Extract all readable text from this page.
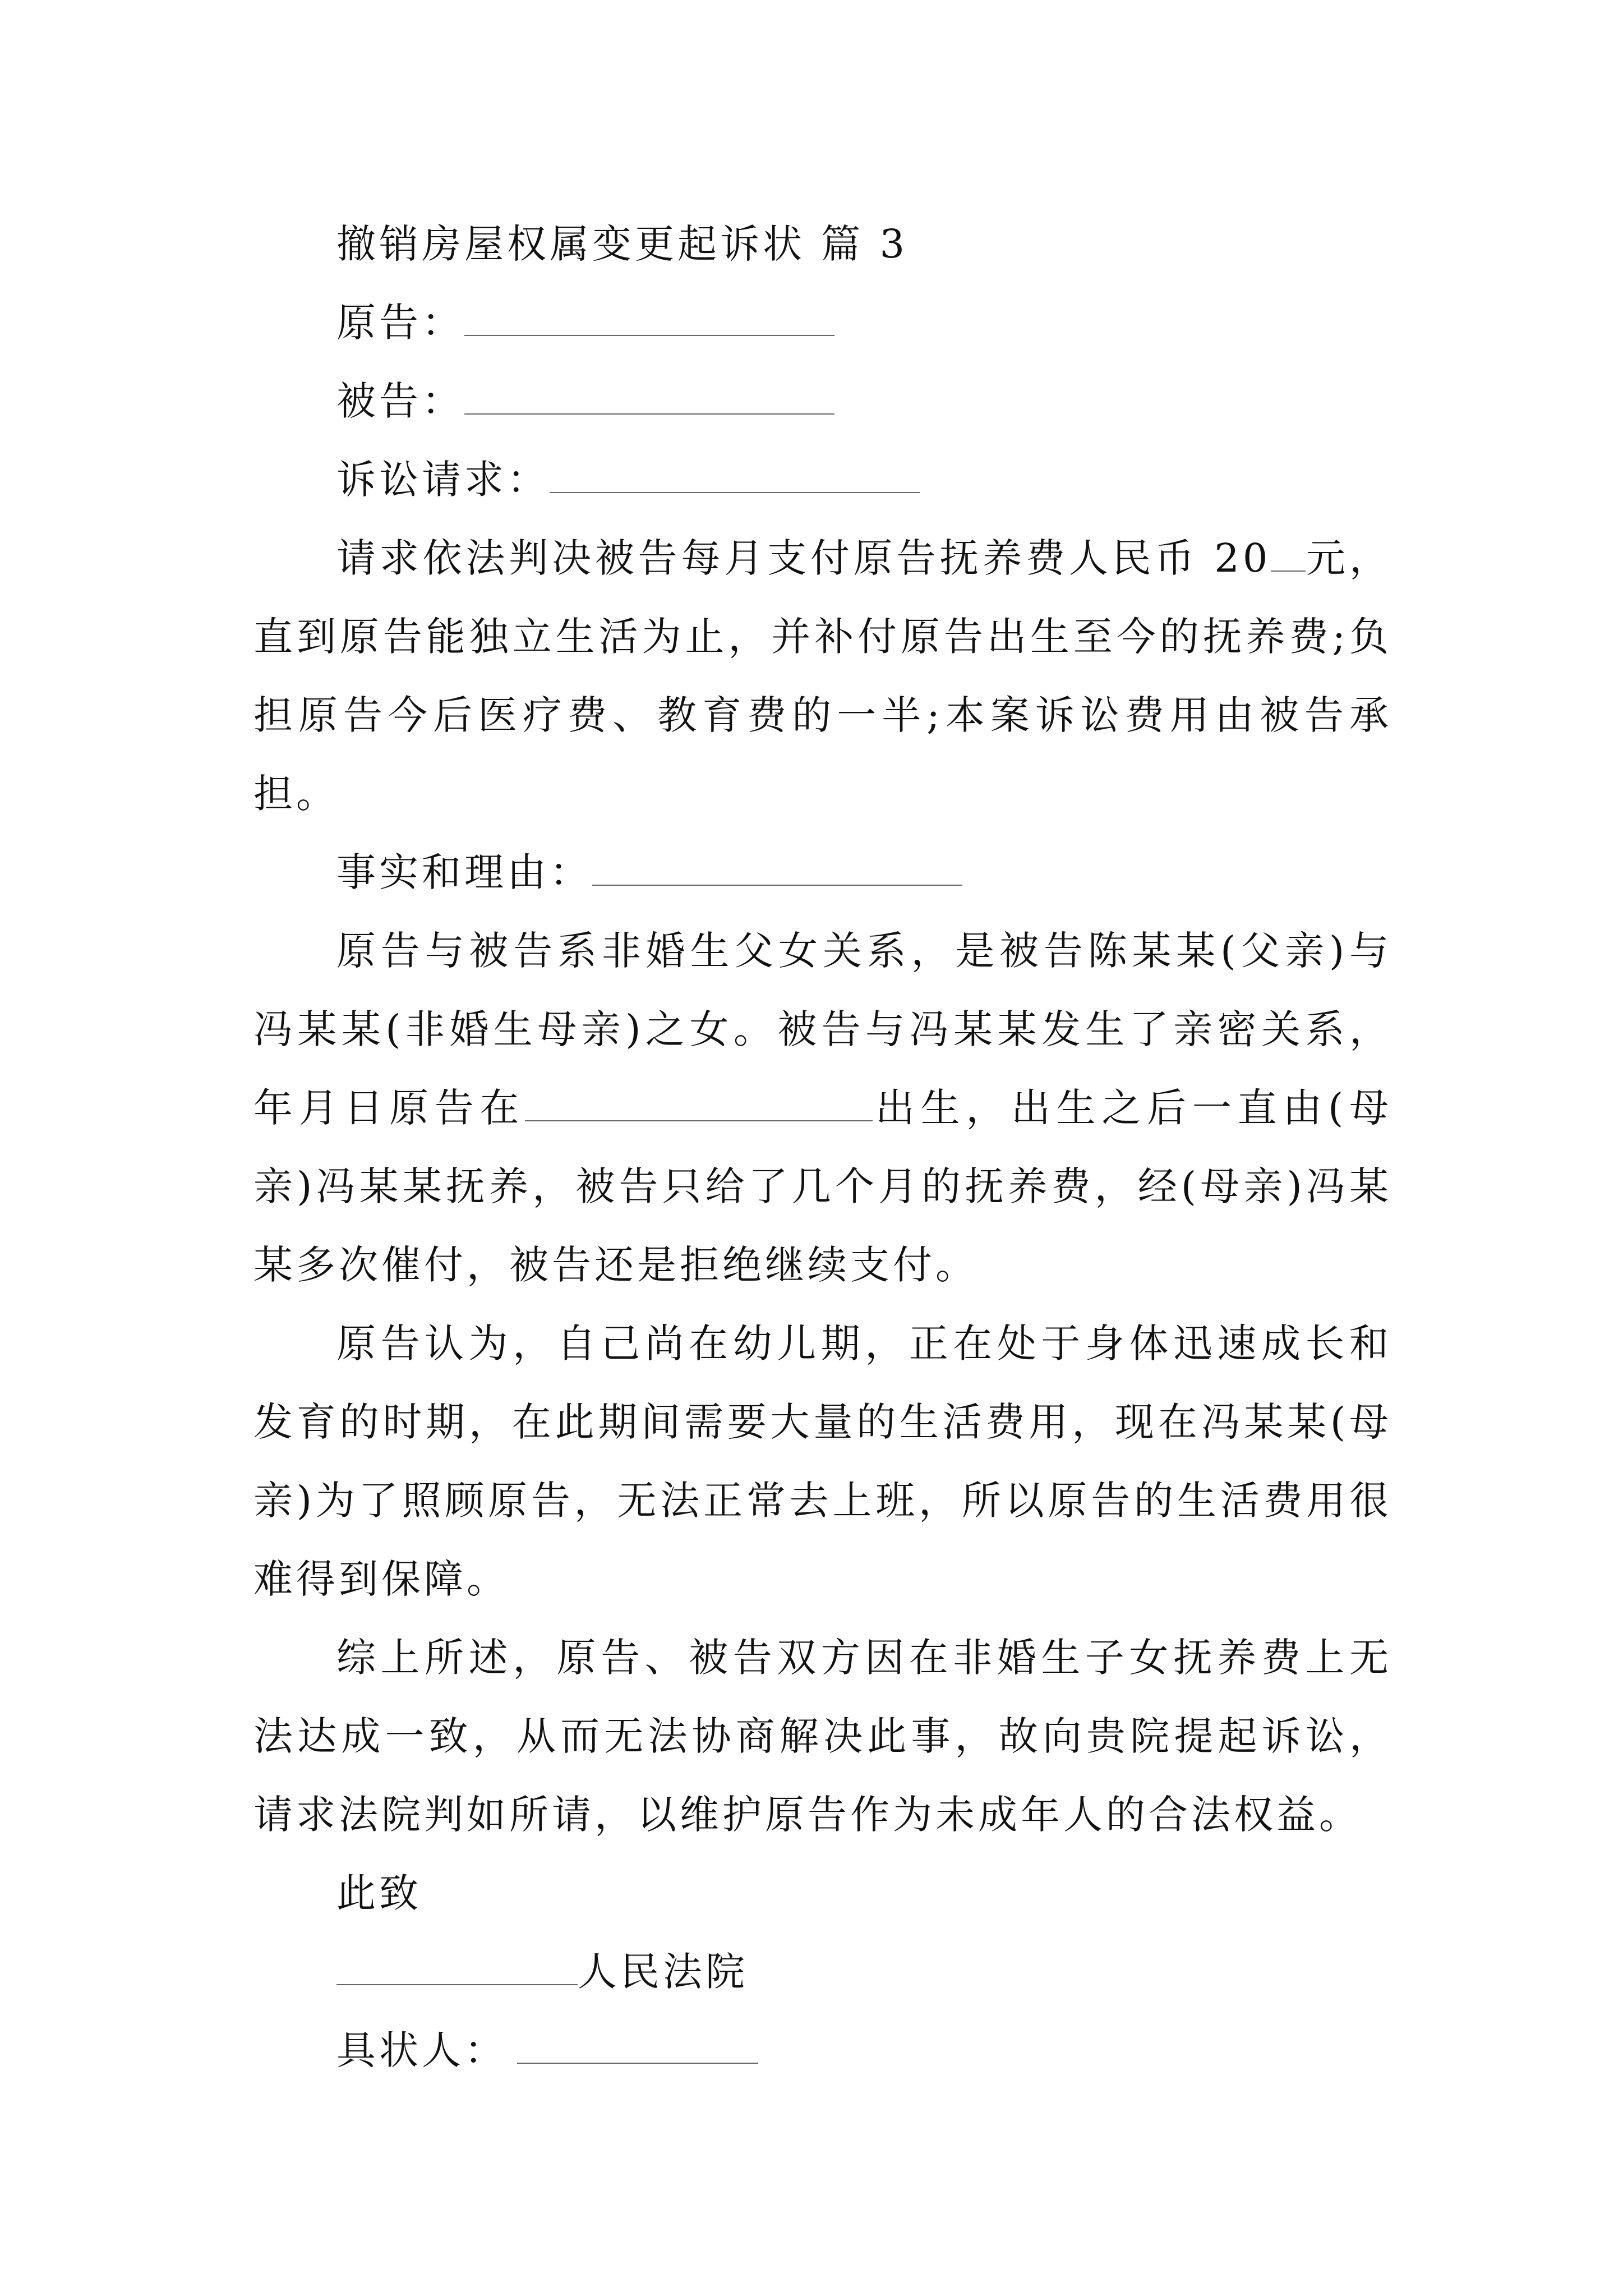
撤销房屋权属变更起诉状 篇 3
原告：
被告：
诉讼请求：

请求依法判决被告每月支付原告抚养费人民币 20 元，直到原告能独立生活为止，并补付原告出生至今的抚养费;负担原告今后医疗费、教育费的一半;本案诉讼费用由被告承担。

事实和理由：

原告与被告系非婚生父女关系，是被告陈某某(父亲)与冯某某(非婚生母亲)之女。被告与冯某某发生了亲密关系，年月日原告在	出生，出生之后一直由(母亲)冯某某抚养，被告只给了几个月的抚养费，经(母亲)冯某某多次催付，被告还是拒绝继续支付。

原告认为，自己尚在幼儿期，正在处于身体迅速成长和发育的时期，在此期间需要大量的生活费用，现在冯某某(母亲)为了照顾原告，无法正常去上班，所以原告的生活费用很难得到保障。

综上所述，原告、被告双方因在非婚生子女抚养费上无法达成一致，从而无法协商解决此事，故向贵院提起诉讼，请求法院判如所请，以维护原告作为未成年人的合法权益。

此致
人民法院
具状人：
